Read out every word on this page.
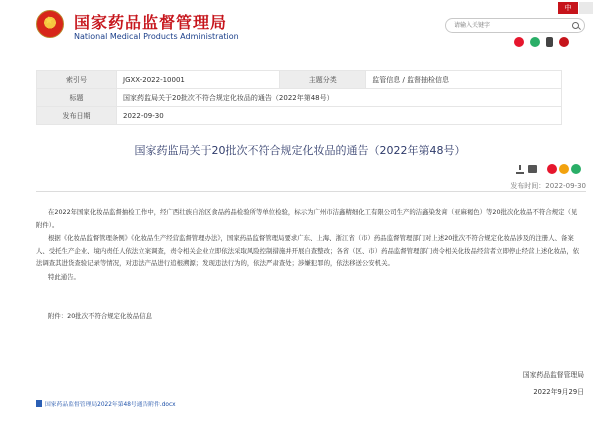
★ 国家药品监督管理局
National Medical Products Administration
中
请输入关键字
索引号	JGXX-2022-10001	主题分类	监管信息 / 监督抽检信息
标题	国家药监局关于20批次不符合规定化妆品的通告（2022年第48号）		
发布日期	2022-09-30		
国家药监局关于20批次不符合规定化妆品的通告（2022年第48号）
发布时间：2022-09-30

在2022年国家化妆品监督抽检工作中，经广西壮族自治区食品药品检验所等单位检验，标示为广州市洁鑫精细化工有限公司生产的洁鑫染发膏（亚麻褐色）等20批次化妆品不符合规定（见附件）。

根据《化妆品监督管理条例》《化妆品生产经营监督管理办法》，国家药品监督管理局要求广东、上海、浙江省（市）药品监督管理部门对上述20批次不符合规定化妆品涉及的注册人、备案人、受托生产企业、境内责任人依法立案调查，责令相关企业立即依法采取风险控制措施并开展自查整改；各省（区、市）药品监督管理部门责令相关化妆品经营者立即停止经营上述化妆品，依法调查其进货查验记录等情况，对违法产品进行追根溯源；发现违法行为的，依法严肃查处；涉嫌犯罪的，依法移送公安机关。

特此通告。

附件：20批次不符合规定化妆品信息
国家药品监督管理局
2022年9月29日
国家药品监督管理局2022年第48号通告附件.docx
